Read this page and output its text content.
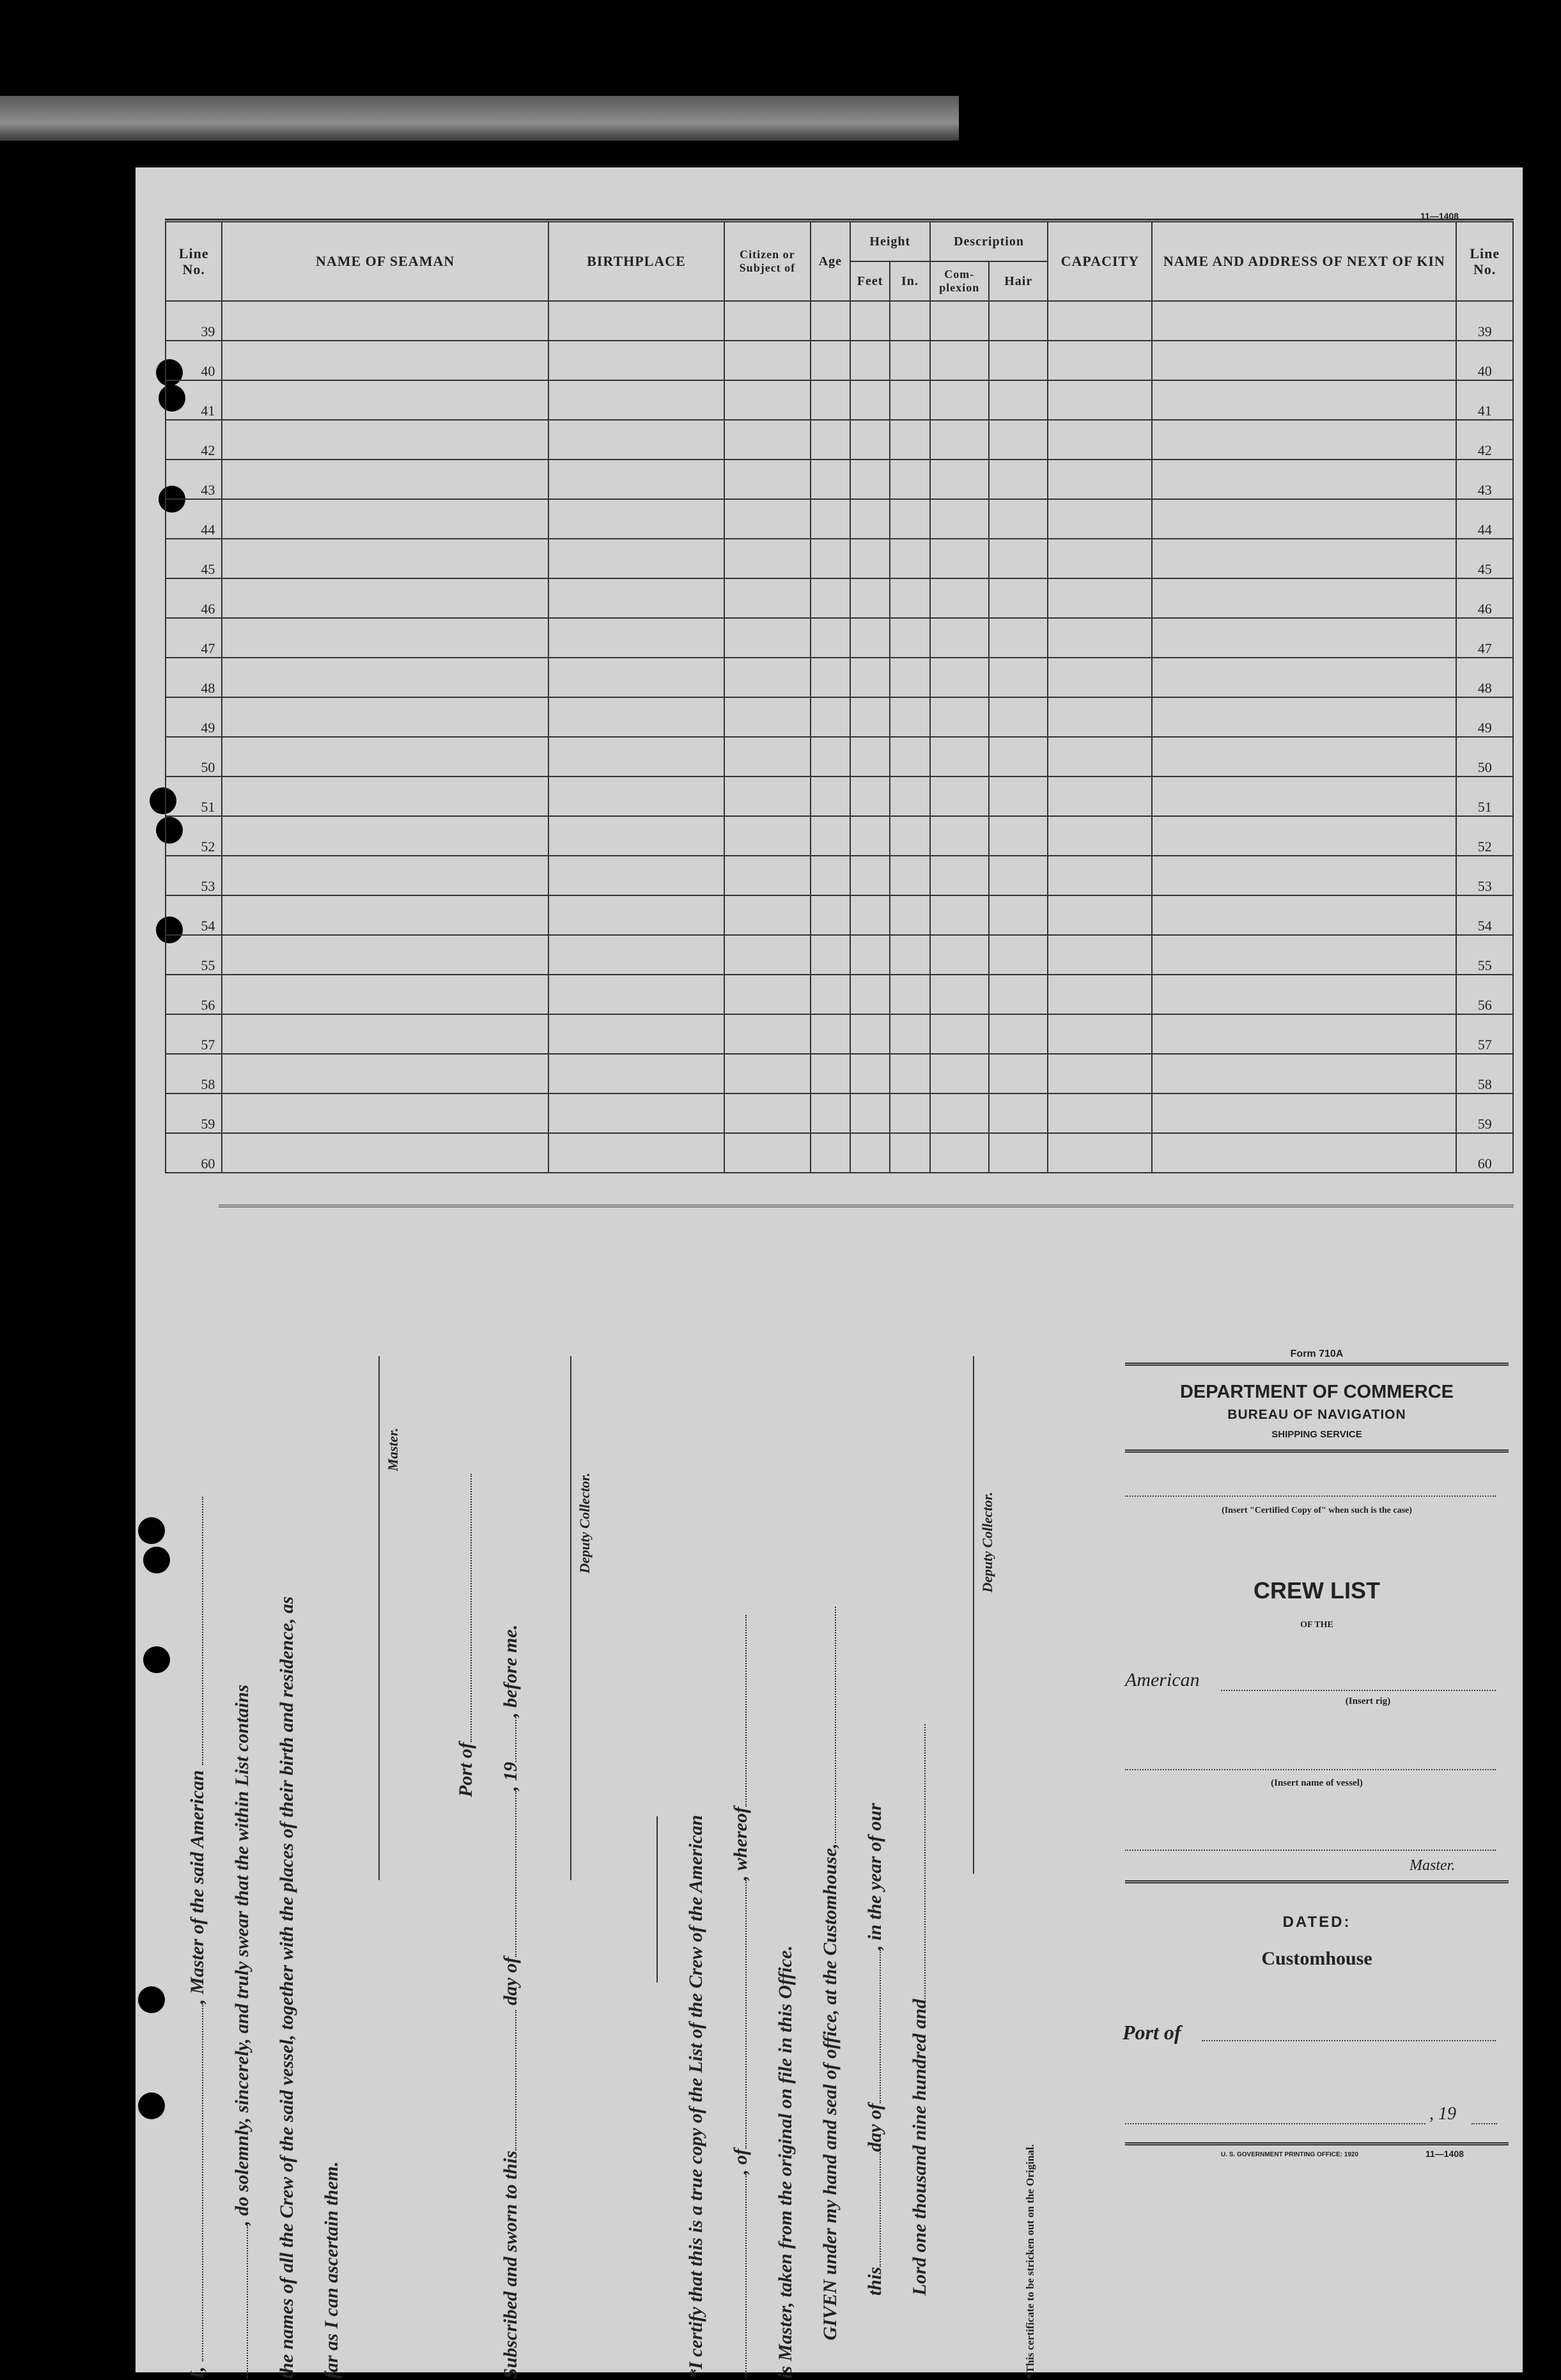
11—1408
Line No.	NAME OF SEAMAN	BIRTHPLACE	Citizen or Subject of	Age	Height		Description		CAPACITY	NAME AND ADDRESS OF NEXT OF KIN	Line No.
					Feet	In.	Com- plexion	Hair			
39											39
40											40
41											41
42											42
43											43
44											44
45											45
46											46
47											47
48											48
49											49
50											50
51											51
52											52
53											53
54											54
55											55
56											56
57											57
58											58
59											59
60											60
I, , Master of the said American , do solemnly, sincerely, and truly swear that the within List contains the names of all the Crew of the said vessel, together with the places of their birth and residence, as far as I can ascertain them.
Master.
Port of
Subscribed and sworn to this day of, 19, before me.
Deputy Collector.
*I certify that this is a true copy of the List of the Crew of the American , of, whereof
is Master, taken from the original on file in this Office. GIVEN under my hand and seal of office, at the Customhouse, thisday of, in the year of our
Lord one thousand nine hundred and
Deputy Collector.
*This certificate to be stricken out on the Original.
Form 710A
DEPARTMENT OF COMMERCE
BUREAU OF NAVIGATION
SHIPPING SERVICE
(Insert "Certified Copy of" when such is the case)
CREW LIST
OF THE
American
(Insert rig)
(Insert name of vessel)
Master.
DATED:
Customhouse
Port of
, 19
U. S. GOVERNMENT PRINTING OFFICE: 1920	11—1408
